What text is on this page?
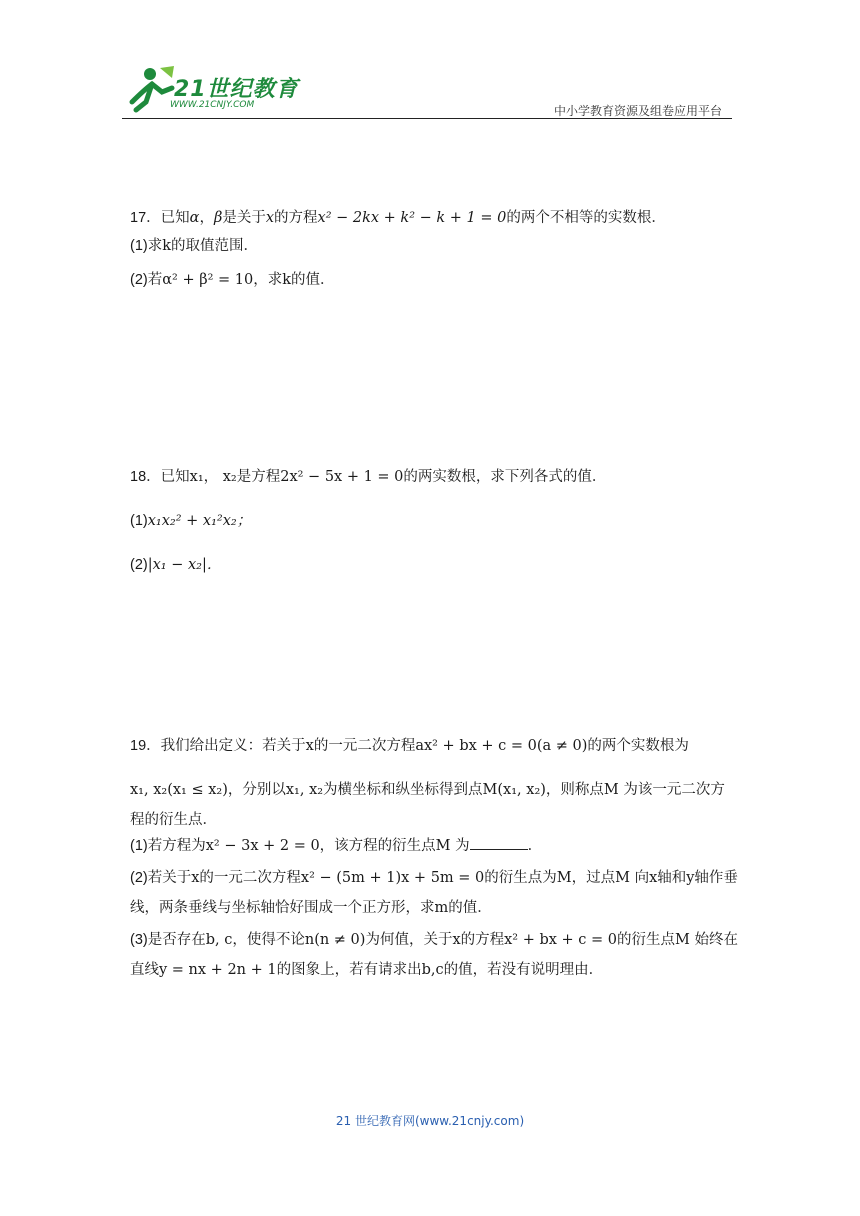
21世纪教育
WWW.21CNJY.COM	中小学教育资源及组卷应用平台

17．已知α，β是关于x的方程x² − 2kx + k² − k + 1 = 0的两个不相等的实数根．

(1)求k的取值范围．

(2)若α² + β² = 10，求k的值．

18．已知x₁， x₂是方程2x² − 5x + 1 = 0的两实数根，求下列各式的值．

(1)x₁x₂² + x₁²x₂；

(2)|x₁ − x₂|．

19．我们给出定义：若关于x的一元二次方程ax² + bx + c = 0(a ≠ 0)的两个实数根为

x₁, x₂(x₁ ≤ x₂)，分别以x₁, x₂为横坐标和纵坐标得到点M(x₁, x₂)，则称点M 为该一元二次方

程的衍生点．

(1)若方程为x² − 3x + 2 = 0，该方程的衍生点M 为	．

(2)若关于x的一元二次方程x² − (5m + 1)x + 5m = 0的衍生点为M，过点M 向x轴和y轴作垂

线，两条垂线与坐标轴恰好围成一个正方形，求m的值．

(3)是否存在b, c，使得不论n(n ≠ 0)为何值，关于x的方程x² + bx + c = 0的衍生点M 始终在

直线y = nx + 2n + 1的图象上，若有请求出b,c的值，若没有说明理由．

21 世纪教育网(www.21cnjy.com)
